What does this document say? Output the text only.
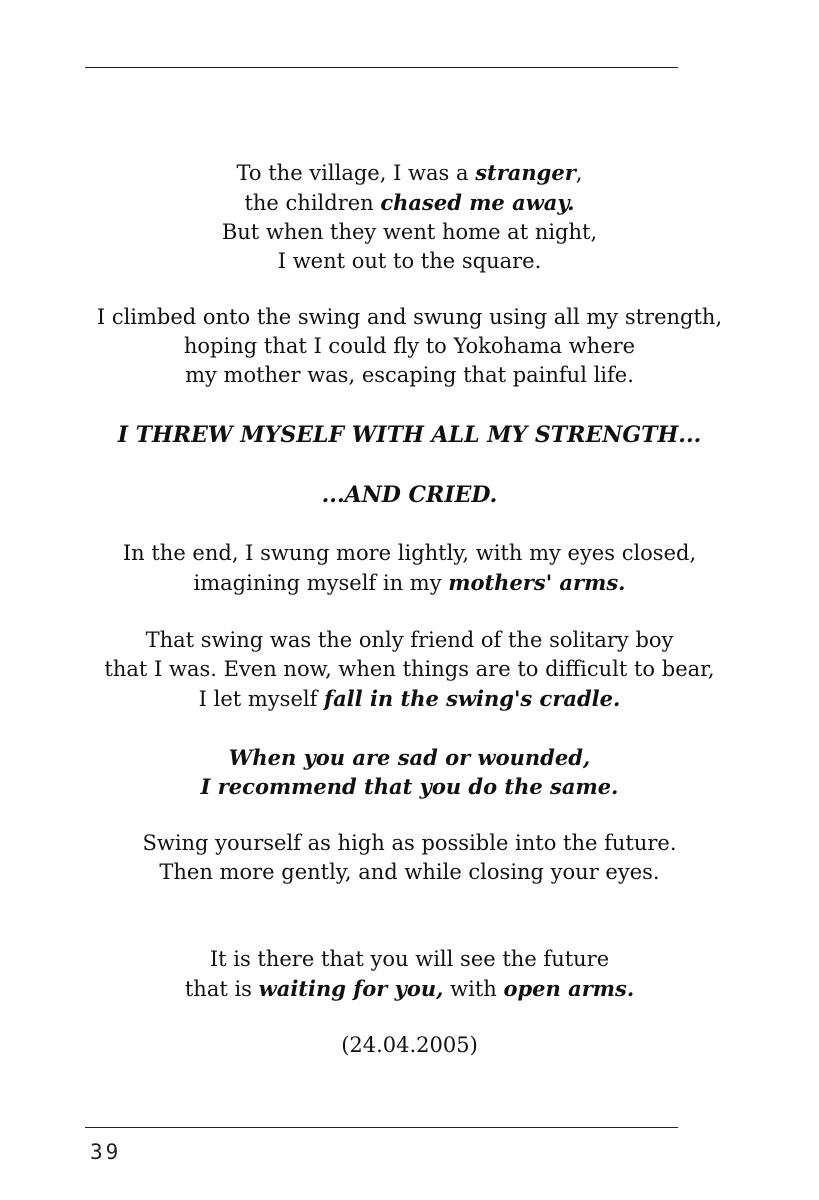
To the village, I was a stranger,
the children chased me away.
But when they went home at night,
I went out to the square.
I climbed onto the swing and swung using all my strength,
hoping that I could fly to Yokohama where
my mother was, escaping that painful life.
I THREW MYSELF WITH ALL MY STRENGTH...
...AND CRIED.
In the end, I swung more lightly, with my eyes closed,
imagining myself in my mothers' arms.
That swing was the only friend of the solitary boy
that I was. Even now, when things are to difficult to bear,
I let myself fall in the swing's cradle.
When you are sad or wounded,
I recommend that you do the same.
Swing yourself as high as possible into the future.
Then more gently, and while closing your eyes.
It is there that you will see the future
that is waiting for you, with open arms.
(24.04.2005)
39
